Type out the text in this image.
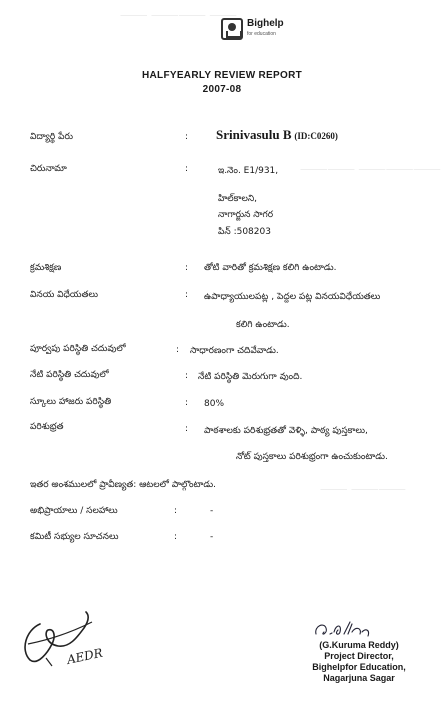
⸻ ⸻⸻ ⸻
⸻⸻ ⸻⸻⸻
⸻ ⸻⸻
Bighelp
for education
HALFYEARLY REVIEW REPORT
2007-08
విద్యార్థి పేరు	: Srinivasulu B (ID:C0260)
చిరునామా	:	ఇ.నెం. E1/931,
హిల్‌కాలని,
నాగార్జున సాగర
పిన్ :508203
క్రమశిక్షణ	: తోటి వారితో క్రమశిక్షణ కలిగి ఉంటాడు.
వినయ విధేయతలు	: ఉపాధ్యాయులపట్ల , పెద్దల పట్ల వినయవిధేయతలు
కలిగి ఉంటాడు.
పూర్వపు పరిస్థితి చదువులో	: సాధారణంగా చదివేవాడు.
నేటి పరిస్థితి చదువులో	: నేటి పరిస్థితి మెరుగుగా వుంది.
స్కూలు హాజరు పరిస్థితి	: 80%
పరిశుభ్రత	: పాఠశాలకు పరిశుభ్రతతో వెళ్ళి, పాఠ్య పుస్తకాలు,
నోట్ పుస్తకాలు పరిశుభ్రంగా ఉంచుకుంటాడు.
ఇతర అంశములలో ప్రావీణ్యత: ఆటలలో పాల్గొంటాడు.
అభిప్రాయాలు / సలహాలు	:	-
కమిటీ సభ్యుల సూచనలు	:	-
AEDR
(G.Kuruma Reddy)
Project Director,
Bighelpfor Education,
Nagarjuna Sagar
